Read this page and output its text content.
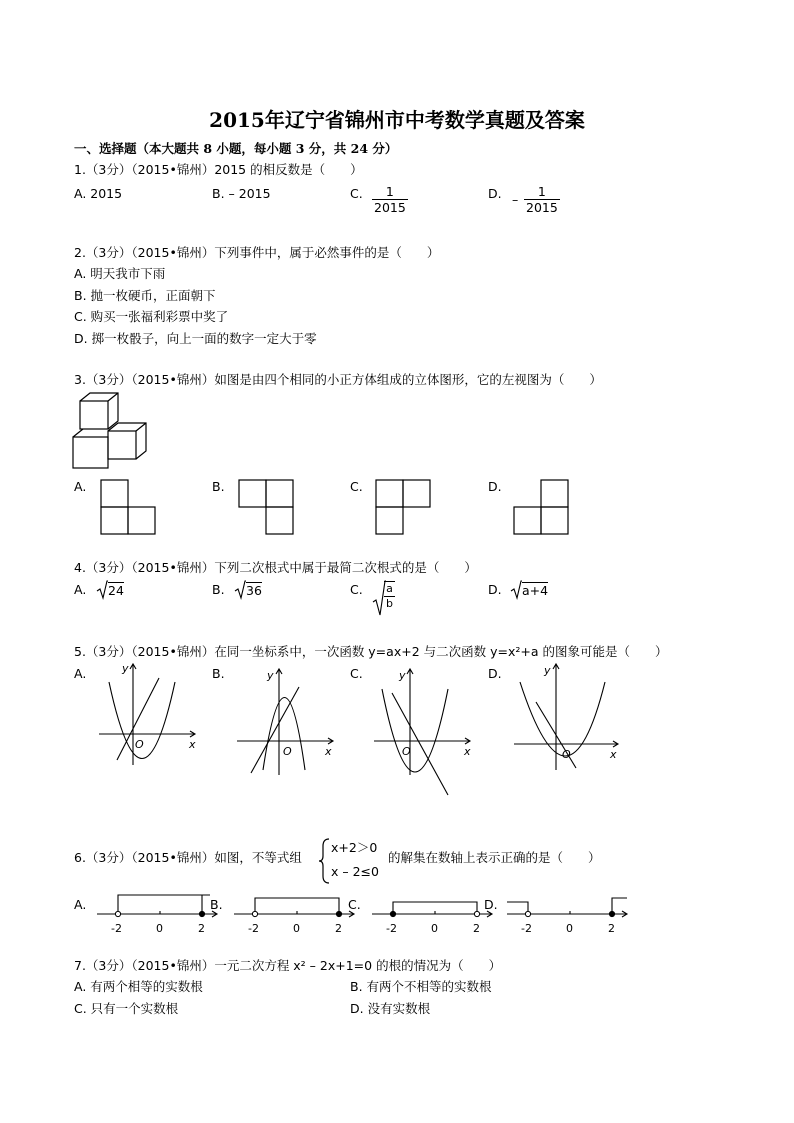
2015年辽宁省锦州市中考数学真题及答案
一、选择题（本大题共 8 小题，每小题 3 分，共 24 分）
1.（3分）（2015•锦州）2015 的相反数是（　　）
A. 2015	B. – 2015	C. $\frac{1}{2015}$	D. – $\frac{1}{2015}$
2.（3分）（2015•锦州）下列事件中，属于必然事件的是（　　）
A. 明天我市下雨
B. 抛一枚硬币，正面朝下
C. 购买一张福利彩票中奖了
D. 掷一枚骰子，向上一面的数字一定大于零
3.（3分）（2015•锦州）如图是由四个相同的小正方体组成的立体图形，它的左视图为（　　）
A.	B.	C.	D.
4.（3分）（2015•锦州）下列二次根式中属于最简二次根式的是（　　）
A. 24	B. 36	C. $\frac{a}{b}$	D. a+4
5.（3分）（2015•锦州）在同一坐标系中，一次函数 y=ax+2 与二次函数 y=x²+a 的图象可能是（　　）
A.	y
x
O
B.	y
x
O
C.	y
x
O
D.	y
x
O
6.（3分）（2015•锦州）如图，不等式组
x+2＞0
x – 2≤0
的解集在数轴上表示正确的是（　　）
A.
-2	0	2
B.
-2	0	2
C.
-2	0	2
D.
-2	0	2
7.（3分）（2015•锦州）一元二次方程 x² – 2x+1=0 的根的情况为（　　）
A. 有两个相等的实数根	B. 有两个不相等的实数根
C. 只有一个实数根	D. 没有实数根
